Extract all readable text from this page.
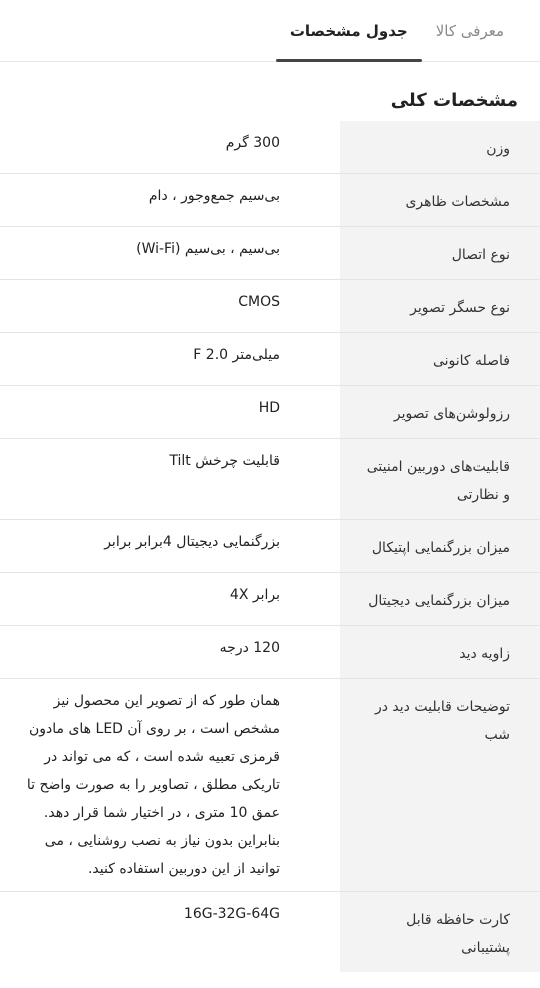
معرفی کالا
جدول مشخصات
مشخصات کلی
وزن
300 گرم
مشخصات ظاهری
بی‌سیم جمع‌وجور ، دام
نوع اتصال
بی‌سیم ، بی‌سیم (Wi-Fi)
نوع حسگر تصویر
CMOS
فاصله کانونی
میلی‌متر F 2.0
رزولوشن‌های تصویر
HD
قابلیت‌های دوربین امنیتی و نظارتی
قابلیت چرخش Tilt
میزان بزرگنمایی اپتیکال
بزرگنمایی دیجیتال 4برابر برابر
میزان بزرگنمایی دیجیتال
برابر 4X
زاویه دید
120 درجه
توضیحات قابلیت دید در شب
همان طور که از تصویر این محصول نیز مشخص است ، بر روی آن LED های مادون قرمزی تعبیه شده است ، که می تواند در تاریکی مطلق ، تصاویر را به صورت واضح تا عمق 10 متری ، در اختیار شما قرار دهد. بنابراین بدون نیاز به نصب روشنایی ، می توانید از این دوربین استفاده کنید.
کارت حافظه قابل پشتیبانی
16G-32G-64G
